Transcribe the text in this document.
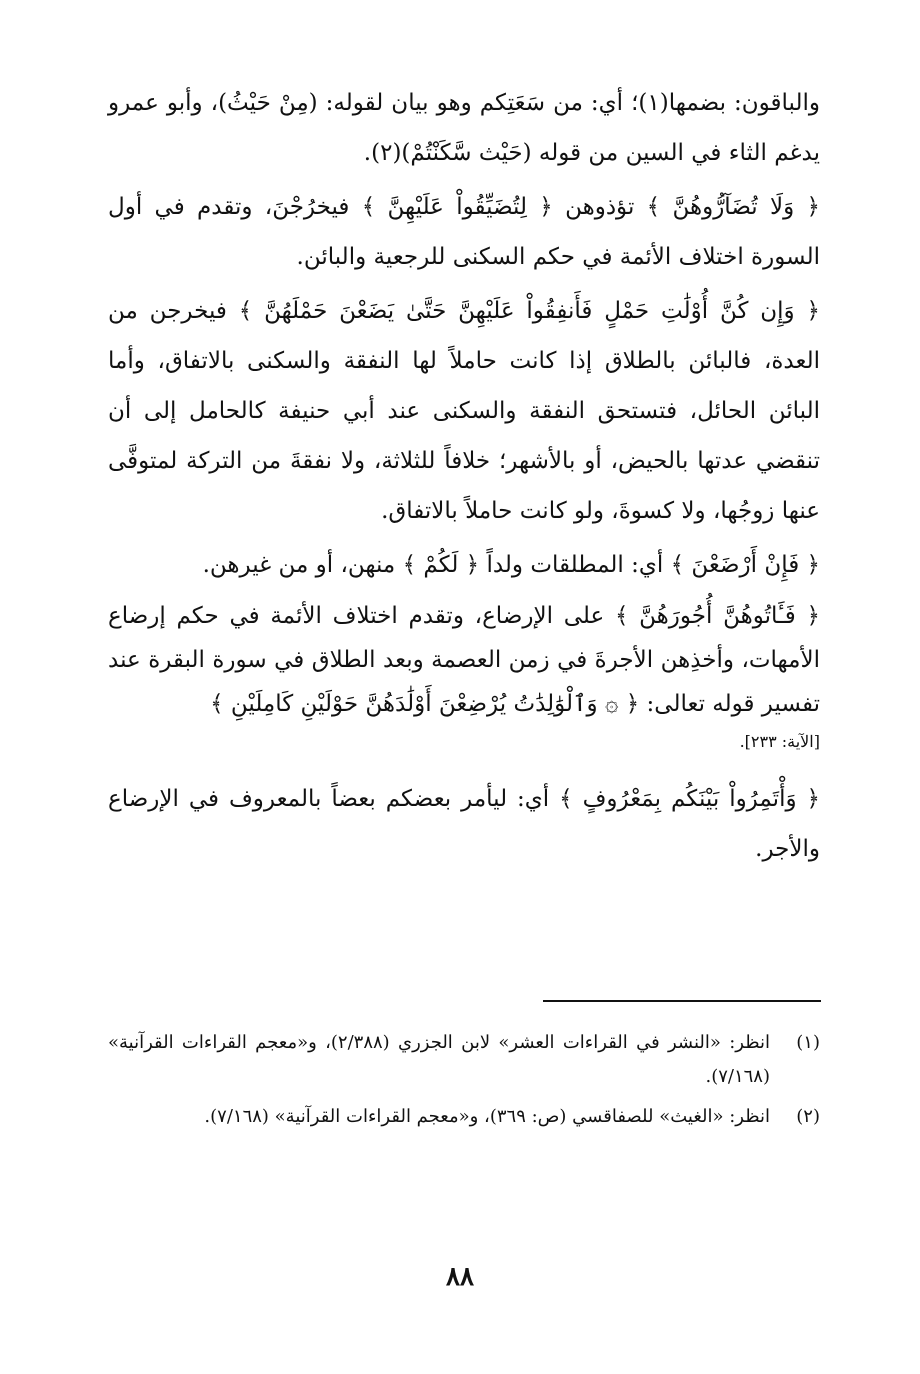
والباقون: بضمها(١)؛ أي: من سَعَتِكم وهو بيان لقوله: (مِنْ حَيْثُ)، وأبو عمرو يدغم الثاء في السين من قوله (حَيْث سَّكَنْتُمْ)(٢).

﴿ وَلَا تُضَآرُّوهُنَّ ﴾ تؤذوهن ﴿ لِتُضَيِّقُواْ عَلَيْهِنَّ ﴾ فيخرُجْنَ، وتقدم في أول السورة اختلاف الأئمة في حكم السكنى للرجعية والبائن.

﴿ وَإِن كُنَّ أُوْلَٰتِ حَمْلٍ فَأَنفِقُواْ عَلَيْهِنَّ حَتَّىٰ يَضَعْنَ حَمْلَهُنَّ ﴾ فيخرجن من العدة، فالبائن بالطلاق إذا كانت حاملاً لها النفقة والسكنى بالاتفاق، وأما البائن الحائل، فتستحق النفقة والسكنى عند أبي حنيفة كالحامل إلى أن تنقضي عدتها بالحيض، أو بالأشهر؛ خلافاً للثلاثة، ولا نفقةَ من التركة لمتوفَّى عنها زوجُها، ولا كسوةَ، ولو كانت حاملاً بالاتفاق.

﴿ فَإِنْ أَرْضَعْنَ ﴾ أي: المطلقات ولداً ﴿ لَكُمْ ﴾ منهن، أو من غيرهن.

﴿ فَـَٔاتُوهُنَّ أُجُورَهُنَّ ﴾ على الإرضاع، وتقدم اختلاف الأئمة في حكم إرضاع الأمهات، وأخذِهن الأجرةَ في زمن العصمة وبعد الطلاق في سورة البقرة عند تفسير قوله تعالى: ﴿ ۞ وَٱلْوَٰلِدَٰتُ يُرْضِعْنَ أَوْلَٰدَهُنَّ حَوْلَيْنِ كَامِلَيْنِ ﴾

[الآية: ٢٣٣].

﴿ وَأْتَمِرُواْ بَيْنَكُم بِمَعْرُوفٍ ﴾ أي: ليأمر بعضكم بعضاً بالمعروف في الإرضاع والأجر.

(١)
انظر: «النشر في القراءات العشر» لابن الجزري (٢/٣٨٨)، و«معجم القراءات القرآنية» (٧/١٦٨).
(٢)
انظر: «الغيث» للصفاقسي (ص: ٣٦٩)، و«معجم القراءات القرآنية» (٧/١٦٨).
٨٨
